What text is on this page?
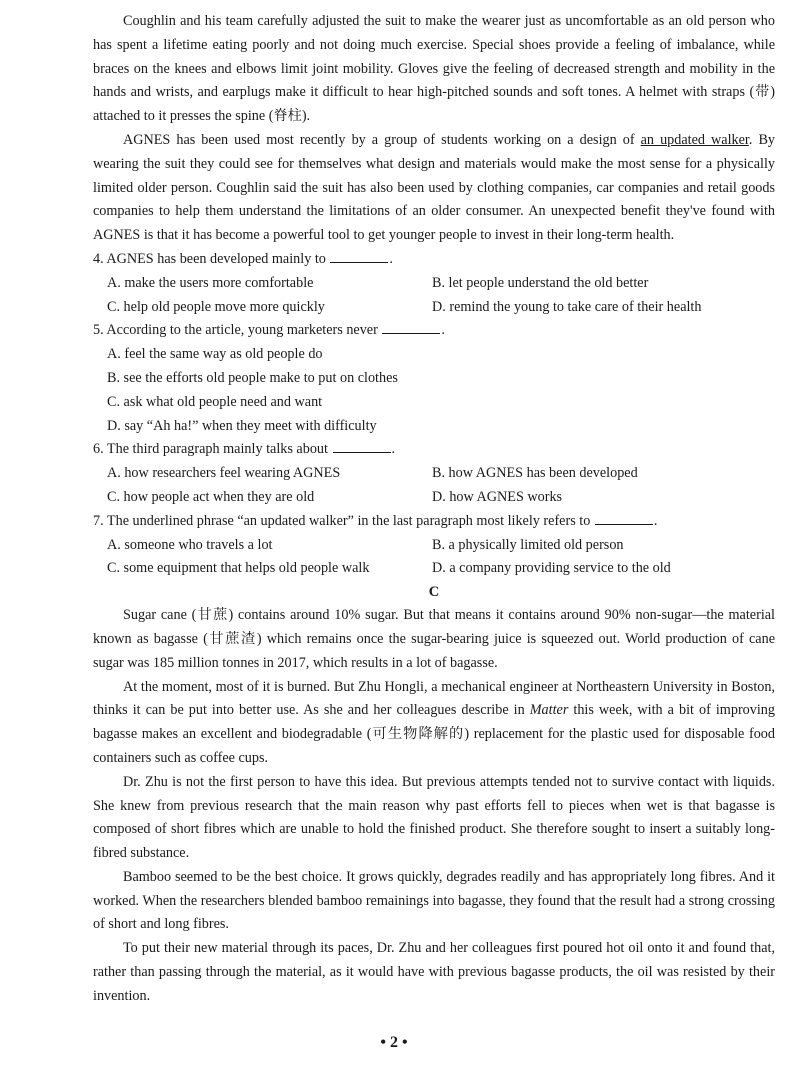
Coughlin and his team carefully adjusted the suit to make the wearer just as uncomfortable as an old person who has spent a lifetime eating poorly and not doing much exercise. Special shoes provide a feeling of imbalance, while braces on the knees and elbows limit joint mobility. Gloves give the feeling of decreased strength and mobility in the hands and wrists, and earplugs make it difficult to hear high-pitched sounds and soft tones. A helmet with straps (带) attached to it presses the spine (脊柱).

AGNES has been used most recently by a group of students working on a design of an updated walker. By wearing the suit they could see for themselves what design and materials would make the most sense for a physically limited older person. Coughlin said the suit has also been used by clothing companies, car companies and retail goods companies to help them understand the limitations of an older consumer. An unexpected benefit they've found with AGNES is that it has become a powerful tool to get younger people to invest in their long-term health.

4. AGNES has been developed mainly to	.
A. make the users more comfortable	B. let people understand the old better
C. help old people move more quickly	D. remind the young to take care of their health
5. According to the article, young marketers never	.
A. feel the same way as old people do
B. see the efforts old people make to put on clothes
C. ask what old people need and want
D. say “Ah ha!” when they meet with difficulty
6. The third paragraph mainly talks about	.
A. how researchers feel wearing AGNES	B. how AGNES has been developed
C. how people act when they are old	D. how AGNES works
7. The underlined phrase “an updated walker” in the last paragraph most likely refers to	.
A. someone who travels a lot	B. a physically limited old person
C. some equipment that helps old people walk	D. a company providing service to the old
C

Sugar cane (甘蔗) contains around 10% sugar. But that means it contains around 90% non-sugar—the material known as bagasse (甘蔗渣) which remains once the sugar-bearing juice is squeezed out. World production of cane sugar was 185 million tonnes in 2017, which results in a lot of bagasse.

At the moment, most of it is burned. But Zhu Hongli, a mechanical engineer at Northeastern University in Boston, thinks it can be put into better use. As she and her colleagues describe in Matter this week, with a bit of improving bagasse makes an excellent and biodegradable (可生物降解的) replacement for the plastic used for disposable food containers such as coffee cups.

Dr. Zhu is not the first person to have this idea. But previous attempts tended not to survive contact with liquids. She knew from previous research that the main reason why past efforts fell to pieces when wet is that bagasse is composed of short fibres which are unable to hold the finished product. She therefore sought to insert a suitably long-fibred substance.

Bamboo seemed to be the best choice. It grows quickly, degrades readily and has appropriately long fibres. And it worked. When the researchers blended bamboo remainings into bagasse, they found that the result had a strong crossing of short and long fibres.

To put their new material through its paces, Dr. Zhu and her colleagues first poured hot oil onto it and found that, rather than passing through the material, as it would have with previous bagasse products, the oil was resisted by their invention.

• 2 •
